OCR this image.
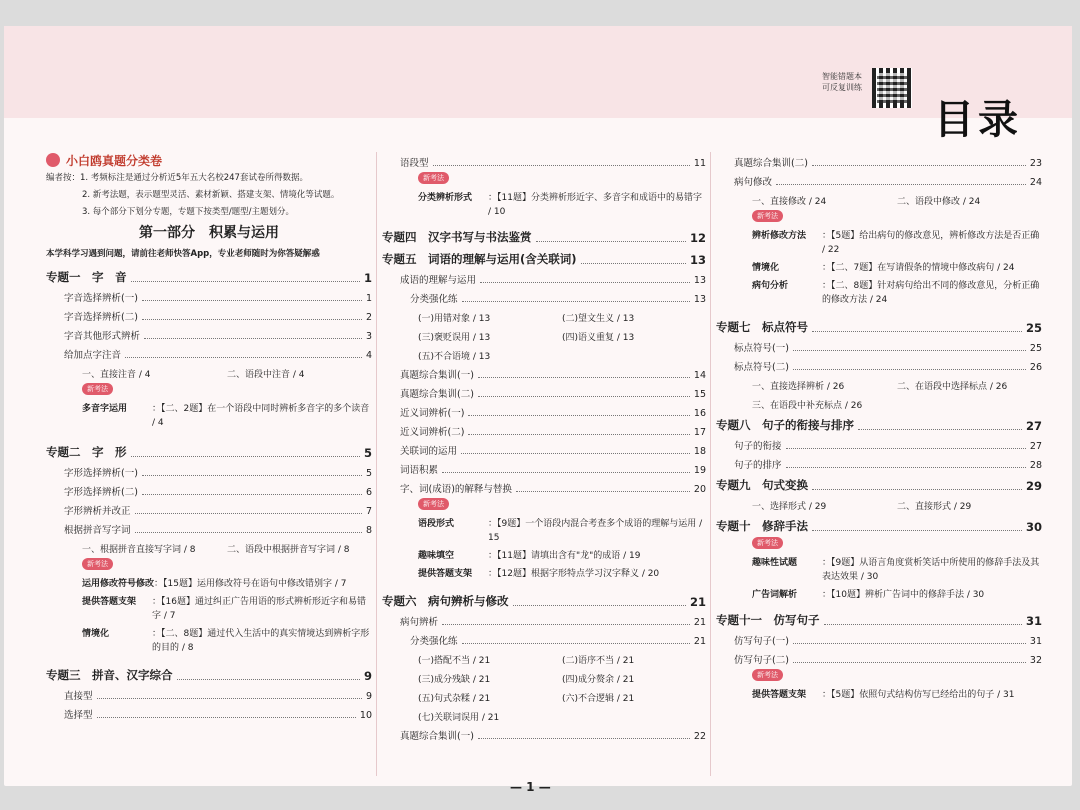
智能错题本
可反复训练
目录
小白鸥真题分类卷
编者按：1. 考频标注是通过分析近5年五大名校247套试卷所得数据。
2. 新考法题，表示题型灵活、素材新颖、搭建支架、情境化等试题。
3. 每个部分下划分专题，专题下按类型/题型/主题划分。
第一部分　积累与运用
本学科学习遇到问题，请前往老师快答App，专业老师随时为你答疑解惑
专题一　字　音	1
字音选择辨析(一)	1
字音选择辨析(二)	2
字音其他形式辨析	3
给加点字注音	4
一、直接注音 / 4	二、语段中注音 / 4
新考法
多音字运用	：【二、2题】在一个语段中同时辨析多音字的多个读音 / 4
专题二　字　形	5
字形选择辨析(一)	5
字形选择辨析(二)	6
字形辨析并改正	7
根据拼音写字词	8
一、根据拼音直接写字词 / 8	二、语段中根据拼音写字词 / 8
新考法
运用修改符号修改 ：【15题】运用修改符号在语句中修改错别字 / 7
提供答题支架	：【16题】通过纠正广告用语的形式辨析形近字和易错字 / 7
情境化	：【二、8题】通过代入生活中的真实情境达到辨析字形的目的 / 8
专题三　拼音、汉字综合	9
直接型	9
选择型	10
语段型	11
新考法
分类辨析形式	：【11题】分类辨析形近字、多音字和成语中的易错字 / 10
专题四　汉字书写与书法鉴赏	12
专题五　词语的理解与运用(含关联词)	13
成语的理解与运用	13
分类强化练	13
(一)用错对象 / 13	(二)望文生义 / 13
(三)褒贬误用 / 13	(四)语义重复 / 13
(五)不合语境 / 13
真题综合集训(一)	14
真题综合集训(二)	15
近义词辨析(一)	16
近义词辨析(二)	17
关联词的运用	18
词语积累	19
字、词(成语)的解释与替换	20
新考法
语段形式	：【9题】一个语段内混合考查多个成语的理解与运用 / 15
趣味填空	：【11题】请填出含有"龙"的成语 / 19
提供答题支架	：【12题】根据字形特点学习汉字释义 / 20
专题六　病句辨析与修改	21
病句辨析	21
分类强化练	21
(一)搭配不当 / 21	(二)语序不当 / 21
(三)成分残缺 / 21	(四)成分赘余 / 21
(五)句式杂糅 / 21	(六)不合逻辑 / 21
(七)关联词误用 / 21
真题综合集训(一)	22
真题综合集训(二)	23
病句修改	24
一、直接修改 / 24	二、语段中修改 / 24
新考法
辨析修改方法	：【5题】给出病句的修改意见，辨析修改方法是否正确 / 22
情境化	：【二、7题】在写请假条的情境中修改病句 / 24
病句分析	：【二、8题】针对病句给出不同的修改意见，分析正确的修改方法 / 24
专题七　标点符号	25
标点符号(一)	25
标点符号(二)	26
一、直接选择辨析 / 26	二、在语段中选择标点 / 26
三、在语段中补充标点 / 26
专题八　句子的衔接与排序	27
句子的衔接	27
句子的排序	28
专题九　句式变换	29
一、选择形式 / 29	二、直接形式 / 29
专题十　修辞手法	30
新考法
趣味性试题	：【9题】从语言角度赏析笑话中所使用的修辞手法及其表达效果 / 30
广告词解析	：【10题】辨析广告词中的修辞手法 / 30
专题十一　仿写句子	31
仿写句子(一)	31
仿写句子(二)	32
新考法
提供答题支架	：【5题】依照句式结构仿写已经给出的句子 / 31
— 1 —
